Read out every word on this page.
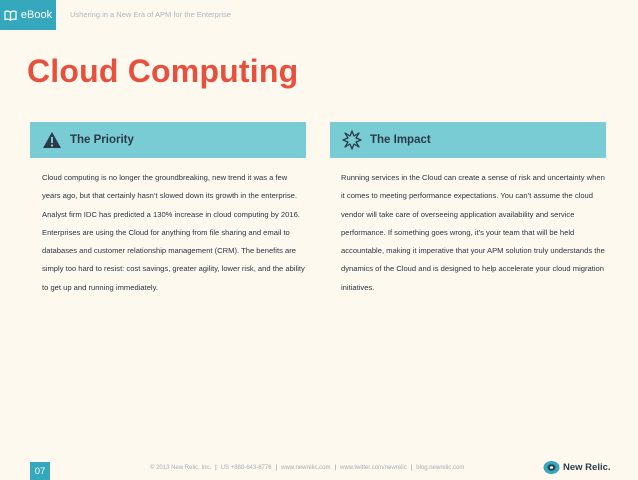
eBook Ushering in a New Era of APM for the Enterprise
Cloud Computing
The Priority	The Impact

Cloud computing is no longer the groundbreaking, new trend it was a few years ago, but that certainly hasn’t slowed down its growth in the enterprise. Analyst firm IDC has predicted a 130% increase in cloud computing by 2016. Enterprises are using the Cloud for anything from file sharing and email to databases and customer relationship management (CRM). The benefits are simply too hard to resist: cost savings, greater agility, lower risk, and the ability to get up and running immediately.

Running services in the Cloud can create a sense of risk and uncertainty when it comes to meeting performance expectations. You can’t assume the cloud vendor will take care of overseeing application availability and service performance. If something goes wrong, it’s your team that will be held accountable, making it imperative that your APM solution truly understands the dynamics of the Cloud and is designed to help accelerate your cloud migration initiatives.

07	© 2013 New Relic, Inc. | US +888-643-8776 | www.newrelic.com | www.twitter.com/newrelic | blog.newrelic.com	New Relic.
